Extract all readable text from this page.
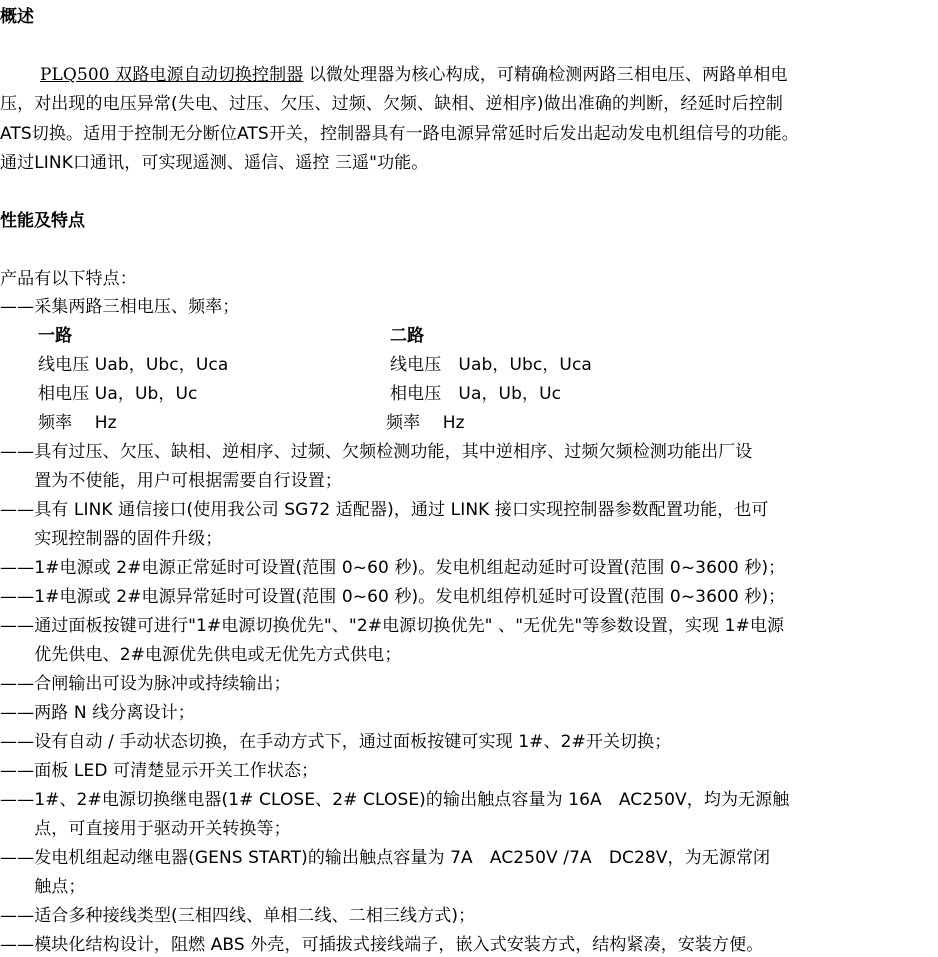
概述
PLQ500 双路电源自动切换控制器 以微处理器为核心构成，可精确检测两路三相电压、两路单相电
压，对出现的电压异常(失电、过压、欠压、过频、欠频、缺相、逆相序)做出准确的判断，经延时后控制
ATS切换。适用于控制无分断位ATS开关，控制器具有一路电源异常延时后发出起动发电机组信号的功能。
通过LINK口通讯，可实现遥测、遥信、遥控 三遥"功能。
性能及特点
产品有以下特点：
——采集两路三相电压、频率；
一路	二路
线电压 Uab，Ubc，Uca	线电压　Uab，Ubc，Uca
相电压 Ua，Ub，Uc	相电压　Ua，Ub，Uc
频率　 Hz	频率　 Hz
——具有过压、欠压、缺相、逆相序、过频、欠频检测功能，其中逆相序、过频欠频检测功能出厂设
　　置为不使能，用户可根据需要自行设置；
——具有 LINK 通信接口(使用我公司 SG72 适配器)，通过 LINK 接口实现控制器参数配置功能，也可
　　实现控制器的固件升级；
——1#电源或 2#电源正常延时可设置(范围 0~60 秒)。发电机组起动延时可设置(范围 0~3600 秒)；
——1#电源或 2#电源异常延时可设置(范围 0~60 秒)。发电机组停机延时可设置(范围 0~3600 秒)；
——通过面板按键可进行"1#电源切换优先"、"2#电源切换优先" 、"无优先"等参数设置，实现 1#电源
　　优先供电、2#电源优先供电或无优先方式供电；
——合闸输出可设为脉冲或持续输出；
——两路 N 线分离设计；
——设有自动 / 手动状态切换，在手动方式下，通过面板按键可实现 1#、2#开关切换；
——面板 LED 可清楚显示开关工作状态；
——1#、2#电源切换继电器(1# CLOSE、2# CLOSE)的输出触点容量为 16A　AC250V，均为无源触
　　点，可直接用于驱动开关转换等；
——发电机组起动继电器(GENS START)的输出触点容量为 7A　AC250V /7A　DC28V，为无源常闭
　　触点；
——适合多种接线类型(三相四线、单相二线、二相三线方式)；
——模块化结构设计，阻燃 ABS 外壳，可插拔式接线端子，嵌入式安装方式，结构紧凑，安装方便。
